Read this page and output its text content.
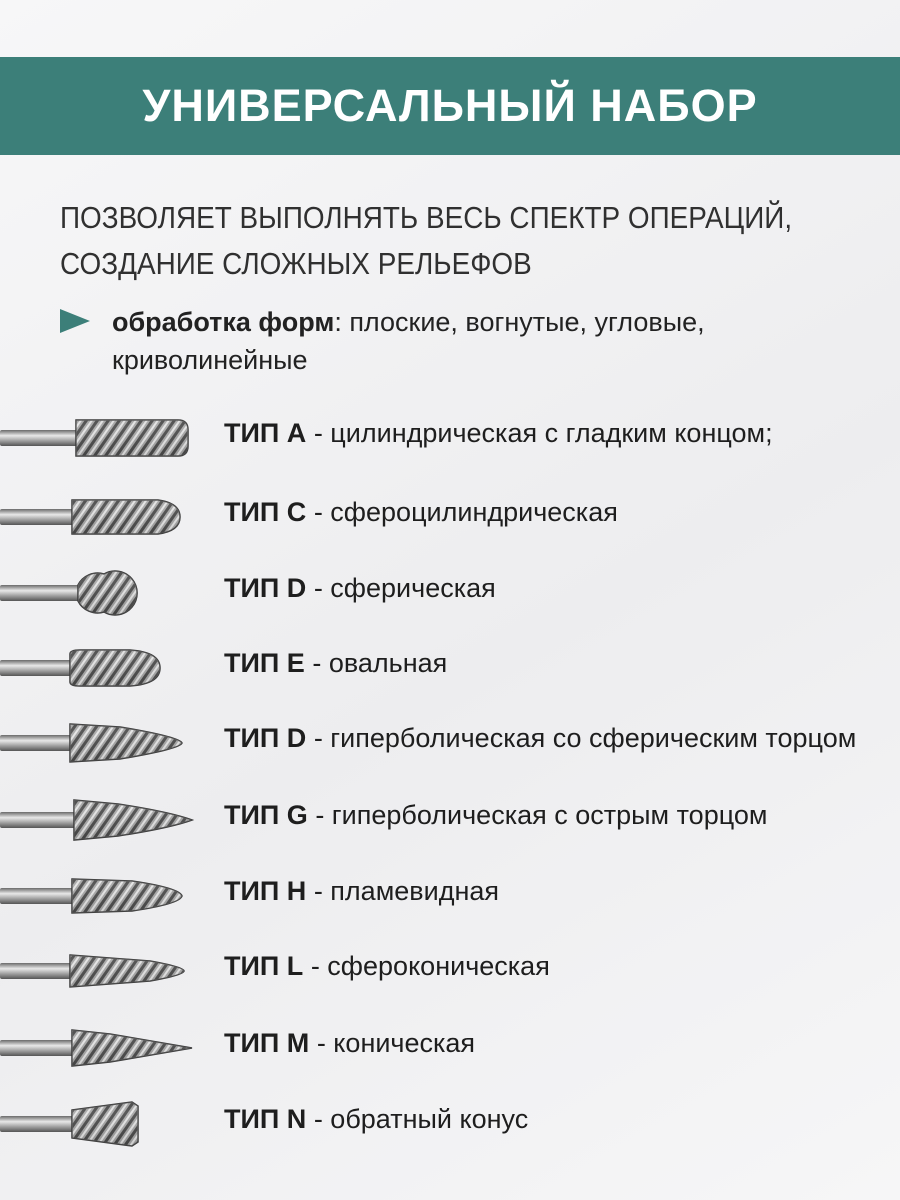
УНИВЕРСАЛЬНЫЙ НАБОР
ПОЗВОЛЯЕТ ВЫПОЛНЯТЬ ВЕСЬ СПЕКТР ОПЕРАЦИЙ,
СОЗДАНИЕ СЛОЖНЫХ РЕЛЬЕФОВ
обработка форм: плоские, вогнутые, угловые, криволинейные
ТИП A - цилиндрическая с гладким концом;
ТИП C - сфероцилиндрическая
ТИП D - сферическая
ТИП E - овальная
ТИП D - гиперболическая со сферическим торцом
ТИП G - гиперболическая с острым торцом
ТИП H - пламевидная
ТИП L - сфероконическая
ТИП M - коническая
ТИП N - обратный конус
